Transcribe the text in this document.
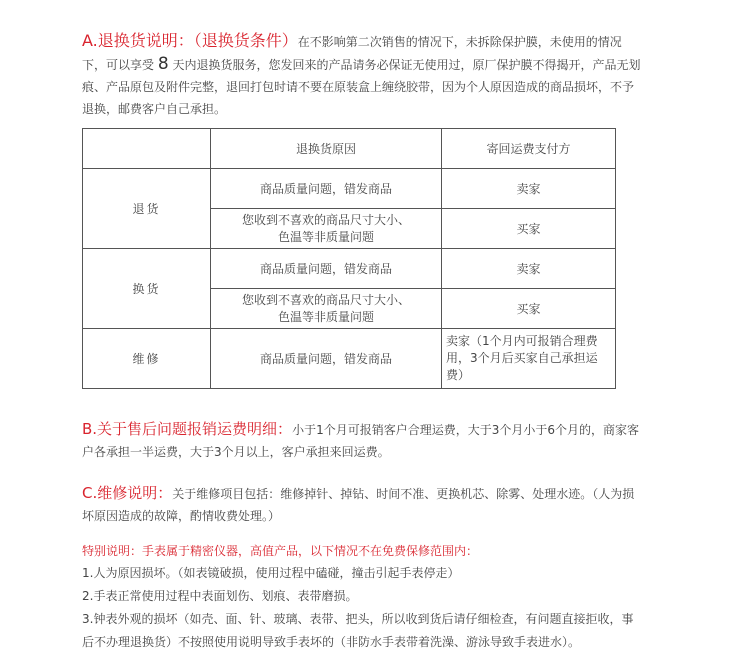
A.退换货说明：（退换货条件）在不影响第二次销售的情况下，未拆除保护膜，未使用的情况下，可以享受 8 天内退换货服务，您发回来的产品请务必保证无使用过，原厂保护膜不得揭开，产品无划痕、产品原包及附件完整，退回打包时请不要在原装盒上缠绕胶带，因为个人原因造成的商品损坏，不予退换，邮费客户自己承担。
	退换货原因	寄回运费支付方
退货	商品质量问题，错发商品	卖家

	您收到不喜欢的商品尺寸大小、
色温等非质量问题	买家
换货	商品质量问题，错发商品	卖家

	您收到不喜欢的商品尺寸大小、
色温等非质量问题	买家
维修	商品质量问题，错发商品	卖家（1个月内可报销合理费用，3个月后买家自己承担运费）
B.关于售后问题报销运费明细：小于1个月可报销客户合理运费，大于3个月小于6个月的，商家客户各承担一半运费，大于3个月以上，客户承担来回运费。
C.维修说明：关于维修项目包括：维修掉针、掉钻、时间不准、更换机芯、除雾、处理水迹。（人为损坏原因造成的故障，酌情收费处理。）
特别说明：手表属于精密仪器，高值产品，以下情况不在免费保修范围内：
1.人为原因损坏。（如表镜破损，使用过程中磕碰，撞击引起手表停走）
2.手表正常使用过程中表面划伤、划痕、表带磨损。
3.钟表外观的损坏（如壳、面、针、玻璃、表带、把头，所以收到货后请仔细检查，有问题直接拒收，事后不办理退换货）不按照使用说明导致手表坏的（非防水手表带着洗澡、游泳导致手表进水）。
